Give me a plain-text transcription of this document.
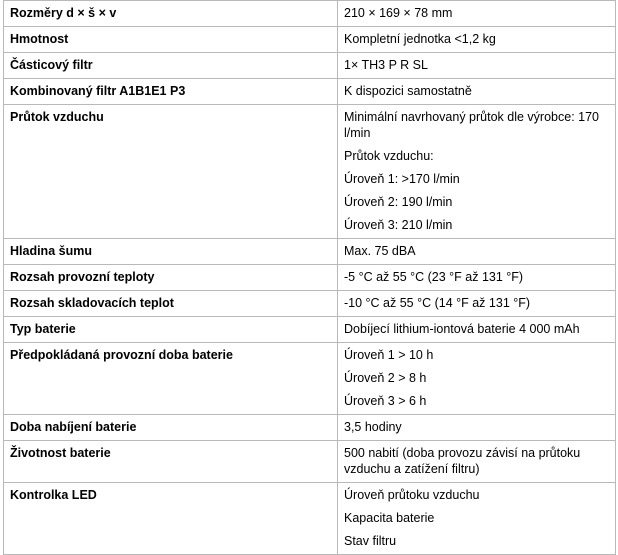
Rozměry d × š × v	210 × 169 × 78 mm

Hmotnost	Kompletní jednotka <1,2 kg

Částicový filtr	1× TH3 P R SL

Kombinovaný filtr A1B1E1 P3	K dispozici samostatně

Průtok vzduchu	Minimální navrhovaný průtok dle výrobce: 170 l/min
Průtok vzduchu:
Úroveň 1: >170 l/min
Úroveň 2: 190 l/min
Úroveň 3: 210 l/min

Hladina šumu	Max. 75 dBA

Rozsah provozní teploty	-5 °C až 55 °C (23 °F až 131 °F)

Rozsah skladovacích teplot	-10 °C až 55 °C (14 °F až 131 °F)

Typ baterie	Dobíjecí lithium-iontová baterie 4 000 mAh

Předpokládaná provozní doba baterie	Úroveň 1 > 10 h
Úroveň 2 > 8 h
Úroveň 3 > 6 h

Doba nabíjení baterie	3,5 hodiny

Životnost baterie	500 nabití (doba provozu závisí na průtoku vzduchu a zatížení filtru)

Kontrolka LED	Úroveň průtoku vzduchu
Kapacita baterie
Stav filtru
